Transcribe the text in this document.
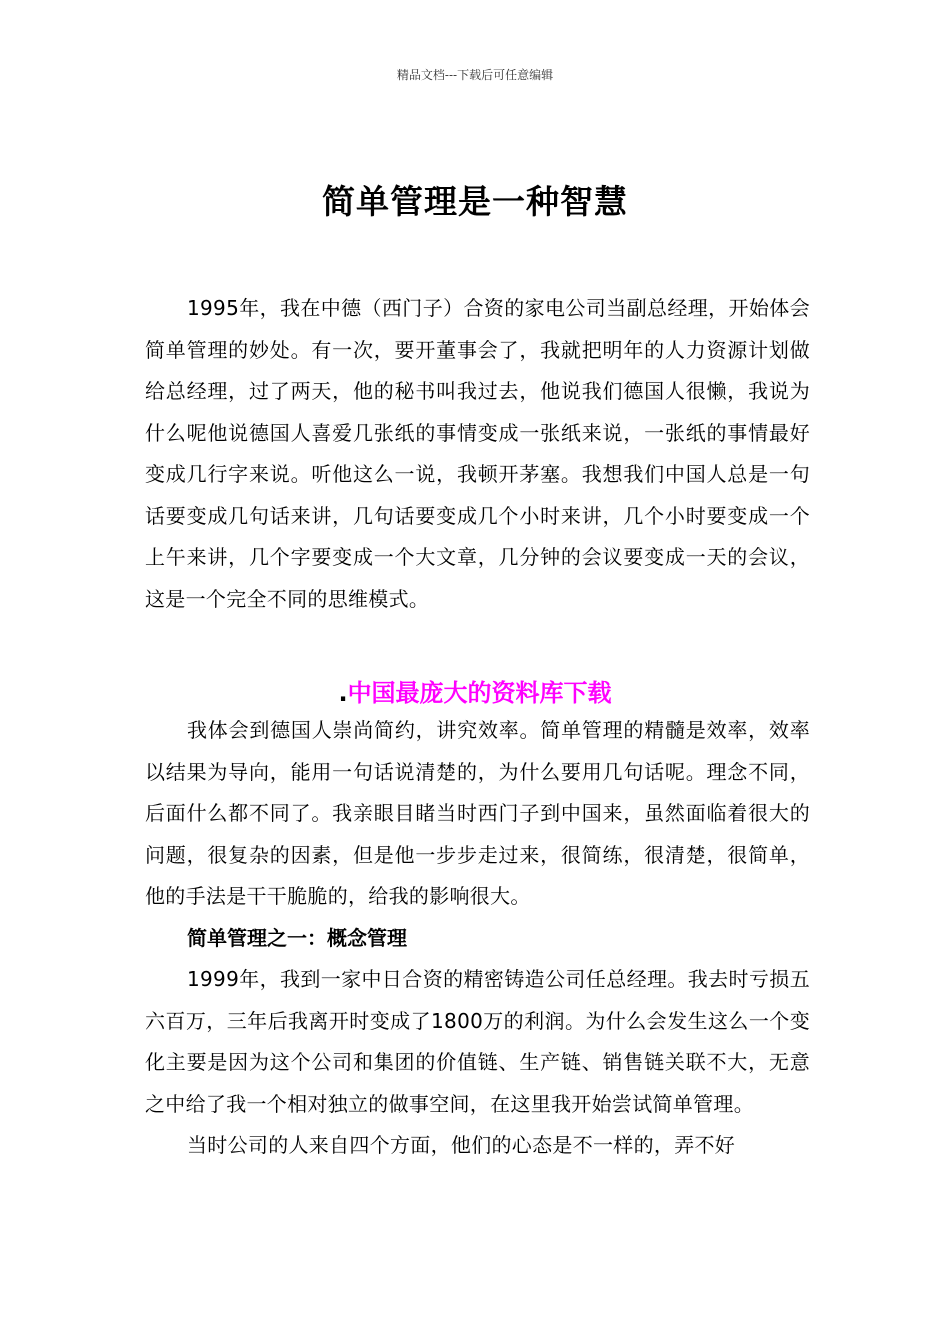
精品文档---下载后可任意编辑
简单管理是一种智慧

1995年，我在中德（西门子）合资的家电公司当副总经理，开始体会简单管理的妙处。有一次，要开董事会了，我就把明年的人力资源计划做给总经理，过了两天，他的秘书叫我过去，他说我们德国人很懒，我说为什么呢他说德国人喜爱几张纸的事情变成一张纸来说，一张纸的事情最好变成几行字来说。听他这么一说，我顿开茅塞。我想我们中国人总是一句话要变成几句话来讲，几句话要变成几个小时来讲，几个小时要变成一个上午来讲，几个字要变成一个大文章，几分钟的会议要变成一天的会议，这是一个完全不同的思维模式。

.中国最庞大的资料库下载

我体会到德国人崇尚简约，讲究效率。简单管理的精髓是效率，效率以结果为导向，能用一句话说清楚的，为什么要用几句话呢。理念不同，后面什么都不同了。我亲眼目睹当时西门子到中国来，虽然面临着很大的问题，很复杂的因素，但是他一步步走过来，很简练，很清楚，很简单，他的手法是干干脆脆的，给我的影响很大。

简单管理之一：概念管理

1999年，我到一家中日合资的精密铸造公司任总经理。我去时亏损五六百万，三年后我离开时变成了1800万的利润。为什么会发生这么一个变化主要是因为这个公司和集团的价值链、生产链、销售链关联不大，无意之中给了我一个相对独立的做事空间，在这里我开始尝试简单管理。

当时公司的人来自四个方面，他们的心态是不一样的，弄不好
